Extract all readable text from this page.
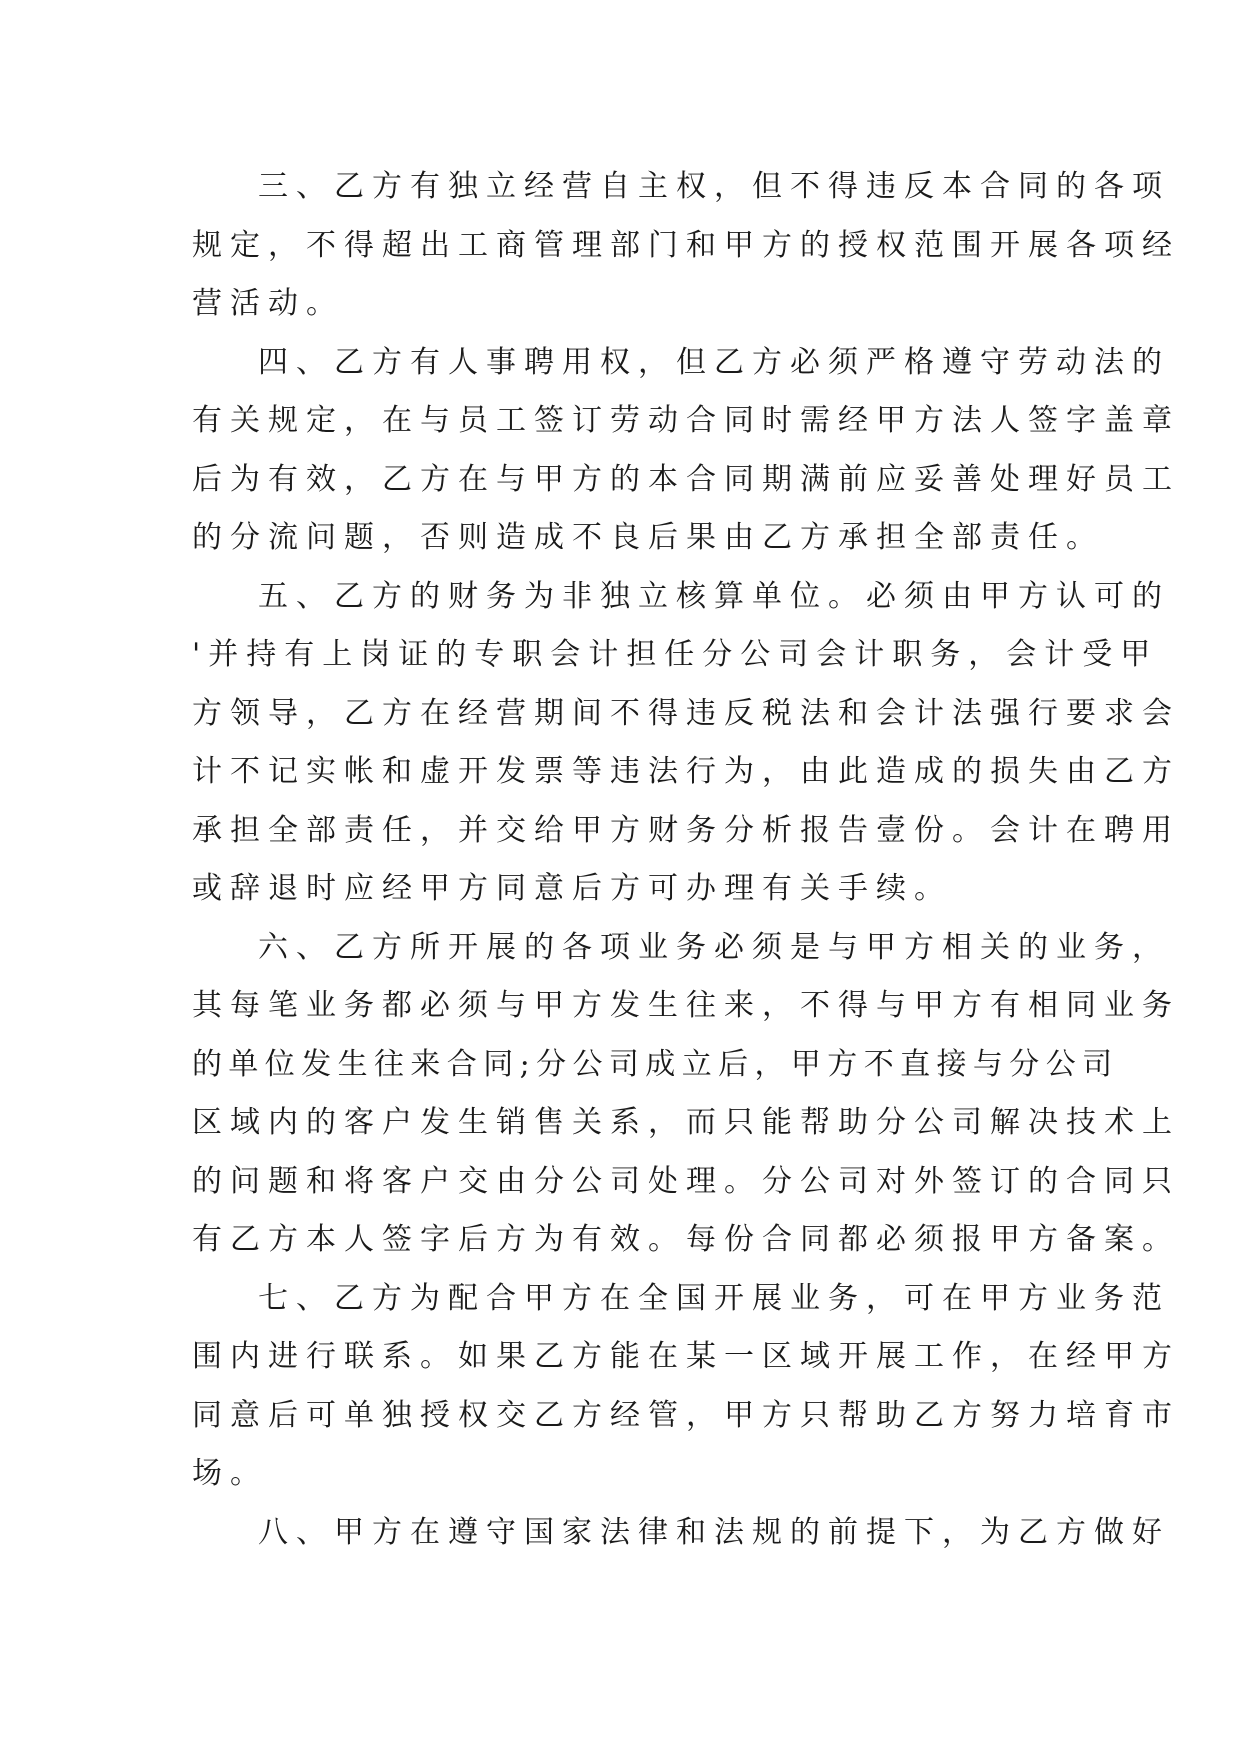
三、乙方有独立经营自主权，但不得违反本合同的各项
规定，不得超出工商管理部门和甲方的授权范围开展各项经
营活动。
四、乙方有人事聘用权，但乙方必须严格遵守劳动法的
有关规定，在与员工签订劳动合同时需经甲方法人签字盖章
后为有效，乙方在与甲方的本合同期满前应妥善处理好员工
的分流问题，否则造成不良后果由乙方承担全部责任。
五、乙方的财务为非独立核算单位。必须由甲方认可的
'并持有上岗证的专职会计担任分公司会计职务，会计受甲
方领导，乙方在经营期间不得违反税法和会计法强行要求会
计不记实帐和虚开发票等违法行为，由此造成的损失由乙方
承担全部责任，并交给甲方财务分析报告壹份。会计在聘用
或辞退时应经甲方同意后方可办理有关手续。
六、乙方所开展的各项业务必须是与甲方相关的业务，
其每笔业务都必须与甲方发生往来，不得与甲方有相同业务
的单位发生往来合同;分公司成立后，甲方不直接与分公司
区域内的客户发生销售关系，而只能帮助分公司解决技术上
的问题和将客户交由分公司处理。分公司对外签订的合同只
有乙方本人签字后方为有效。每份合同都必须报甲方备案。
七、乙方为配合甲方在全国开展业务，可在甲方业务范
围内进行联系。如果乙方能在某一区域开展工作，在经甲方
同意后可单独授权交乙方经管，甲方只帮助乙方努力培育市
场。
八、甲方在遵守国家法律和法规的前提下，为乙方做好
